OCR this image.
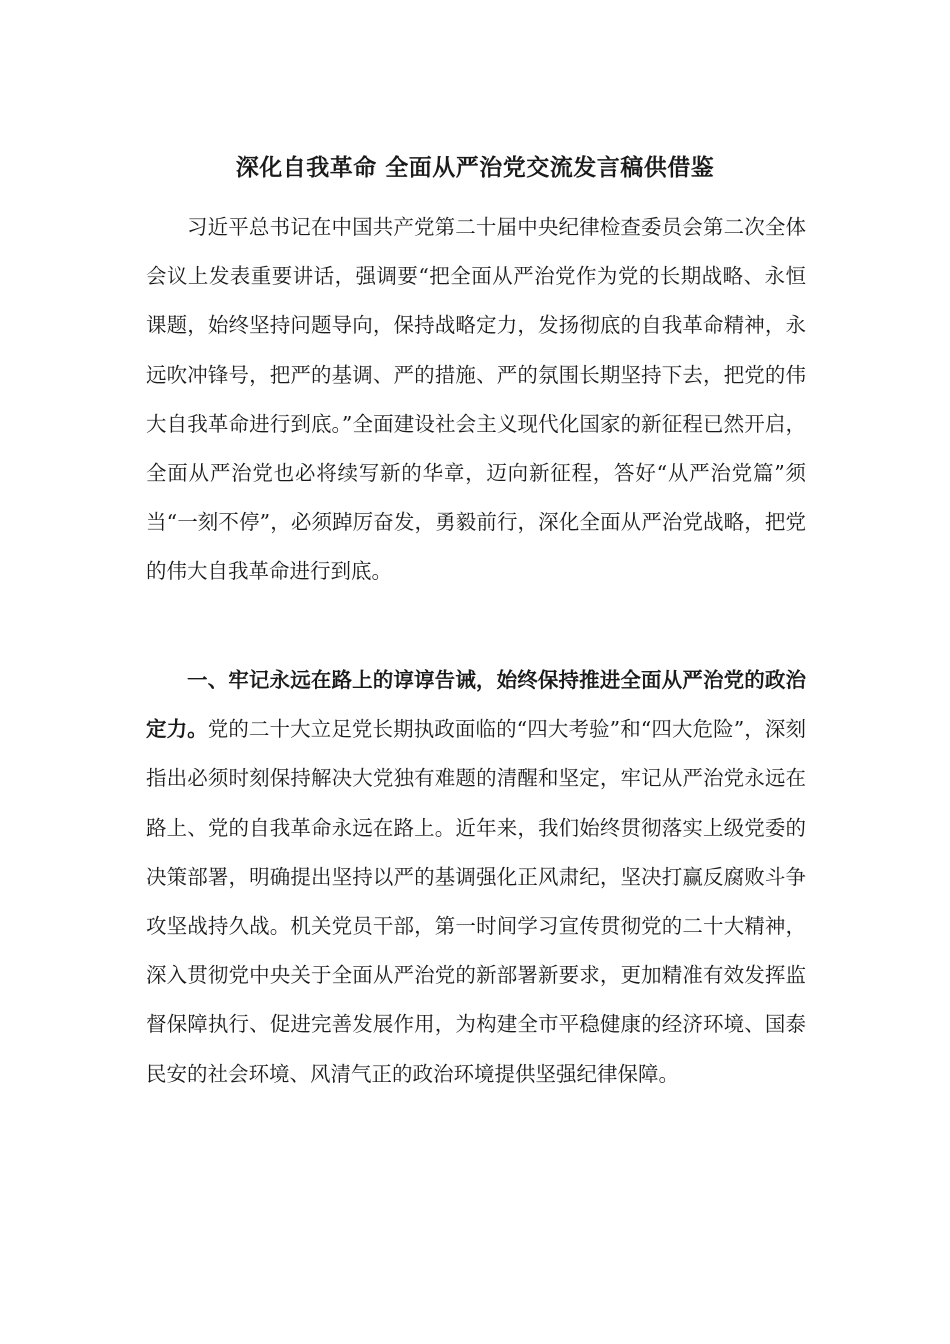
深化自我革命 全面从严治党交流发言稿供借鉴

习近平总书记在中国共产党第二十届中央纪律检查委员会第二次全体会议上发表重要讲话，强调要“把全面从严治党作为党的长期战略、永恒课题，始终坚持问题导向，保持战略定力，发扬彻底的自我革命精神，永远吹冲锋号，把严的基调、严的措施、严的氛围长期坚持下去，把党的伟大自我革命进行到底。”全面建设社会主义现代化国家的新征程已然开启，全面从严治党也必将续写新的华章，迈向新征程，答好“从严治党篇”须当“一刻不停”，必须踔厉奋发，勇毅前行，深化全面从严治党战略，把党的伟大自我革命进行到底。

一、牢记永远在路上的谆谆告诫，始终保持推进全面从严治党的政治定力。党的二十大立足党长期执政面临的“四大考验”和“四大危险”，深刻指出必须时刻保持解决大党独有难题的清醒和坚定，牢记从严治党永远在路上、党的自我革命永远在路上。近年来，我们始终贯彻落实上级党委的决策部署，明确提出坚持以严的基调强化正风肃纪，坚决打赢反腐败斗争攻坚战持久战。机关党员干部，第一时间学习宣传贯彻党的二十大精神，深入贯彻党中央关于全面从严治党的新部署新要求，更加精准有效发挥监督保障执行、促进完善发展作用，为构建全市平稳健康的经济环境、国泰民安的社会环境、风清气正的政治环境提供坚强纪律保障。
